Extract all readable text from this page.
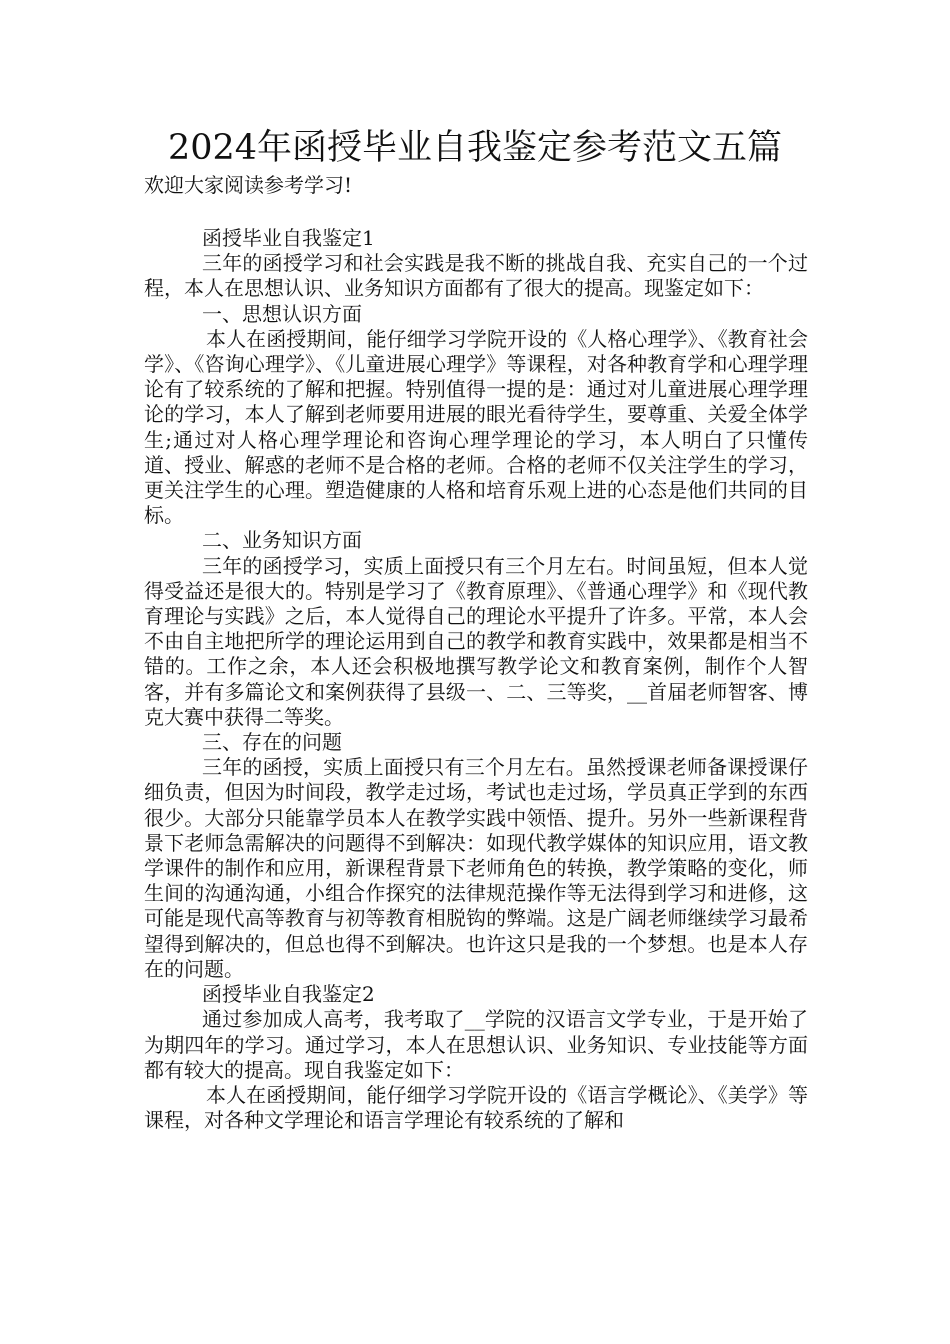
2024年函授毕业自我鉴定参考范文五篇
欢迎大家阅读参考学习!

函授毕业自我鉴定1

三年的函授学习和社会实践是我不断的挑战自我、充实自己的一个过程，本人在思想认识、业务知识方面都有了很大的提高。现鉴定如下：

一、思想认识方面

本人在函授期间，能仔细学习学院开设的《人格心理学》、《教育社会学》、《咨询心理学》、《儿童进展心理学》等课程，对各种教育学和心理学理论有了较系统的了解和把握。特别值得一提的是：通过对儿童进展心理学理论的学习，本人了解到老师要用进展的眼光看待学生，要尊重、关爱全体学生;通过对人格心理学理论和咨询心理学理论的学习，本人明白了只懂传道、授业、解惑的老师不是合格的老师。合格的老师不仅关注学生的学习，更关注学生的心理。塑造健康的人格和培育乐观上进的心态是他们共同的目标。

二、业务知识方面

三年的函授学习，实质上面授只有三个月左右。时间虽短，但本人觉得受益还是很大的。特别是学习了《教育原理》、《普通心理学》和《现代教育理论与实践》之后，本人觉得自己的理论水平提升了许多。平常，本人会不由自主地把所学的理论运用到自己的教学和教育实践中，效果都是相当不错的。工作之余，本人还会积极地撰写教学论文和教育案例，制作个人智客，并有多篇论文和案例获得了县级一、二、三等奖，__首届老师智客、博克大赛中获得二等奖。

三、存在的问题

三年的函授，实质上面授只有三个月左右。虽然授课老师备课授课仔细负责，但因为时间段，教学走过场，考试也走过场，学员真正学到的东西很少。大部分只能靠学员本人在教学实践中领悟、提升。另外一些新课程背景下老师急需解决的问题得不到解决：如现代教学媒体的知识应用，语文教学课件的制作和应用，新课程背景下老师角色的转换，教学策略的变化，师生间的沟通沟通，小组合作探究的法律规范操作等无法得到学习和进修，这可能是现代高等教育与初等教育相脱钩的弊端。这是广阔老师继续学习最希望得到解决的，但总也得不到解决。也许这只是我的一个梦想。也是本人存在的问题。

函授毕业自我鉴定2

通过参加成人高考，我考取了__学院的汉语言文学专业，于是开始了为期四年的学习。通过学习，本人在思想认识、业务知识、专业技能等方面都有较大的提高。现自我鉴定如下：

本人在函授期间，能仔细学习学院开设的《语言学概论》、《美学》等课程，对各种文学理论和语言学理论有较系统的了解和
